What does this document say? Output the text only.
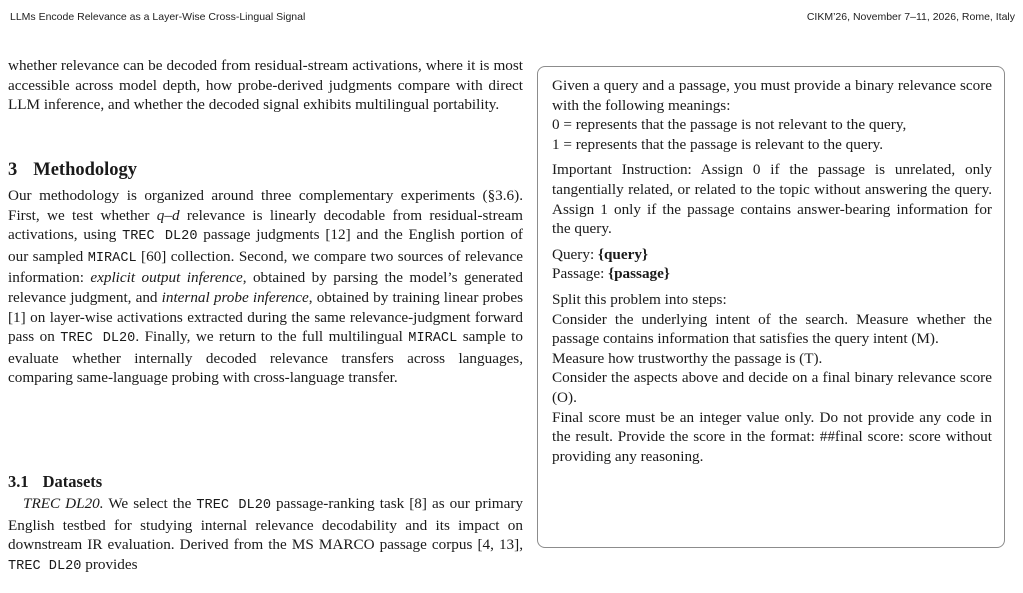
LLMs Encode Relevance as a Layer-Wise Cross-Lingual Signal	CIKM’26, November 7–11, 2026, Rome, Italy

whether relevance can be decoded from residual-stream activations, where it is most accessible across model depth, how probe-derived judgments compare with direct LLM inference, and whether the decoded signal exhibits multilingual portability.

3 Methodology

Our methodology is organized around three complementary experiments (§3.6). First, we test whether q–d relevance is linearly decodable from residual-stream activations, using TREC DL20 passage judgments [12] and the English portion of our sampled MIRACL [60] collection. Second, we compare two sources of relevance information: explicit output inference, obtained by parsing the model’s generated relevance judgment, and internal probe inference, obtained by training linear probes [1] on layer-wise activations extracted during the same relevance-judgment forward pass on TREC DL20. Finally, we return to the full multilingual MIRACL sample to evaluate whether internally decoded relevance transfers across languages, comparing same-language probing with cross-language transfer.

3.1 Datasets

TREC DL20. We select the TREC DL20 passage-ranking task [8] as our primary English testbed for studying internal relevance decodability and its impact on downstream IR evaluation. Derived from the MS MARCO passage corpus [4, 13], TREC DL20 provides

Given a query and a passage, you must provide a binary relevance score with the following meanings:
0 = represents that the passage is not relevant to the query,
1 = represents that the passage is relevant to the query.

Important Instruction: Assign 0 if the passage is unrelated, only tangentially related, or related to the topic without answering the query. Assign 1 only if the passage contains answer-bearing information for the query.

Query: {query}
Passage: {passage}

Split this problem into steps:
Consider the underlying intent of the search. Measure whether the passage contains information that satisfies the query intent (M).
Measure how trustworthy the passage is (T).
Consider the aspects above and decide on a final binary relevance score (O).
Final score must be an integer value only. Do not provide any code in the result. Provide the score in the format: ##final score: score without providing any reasoning.
